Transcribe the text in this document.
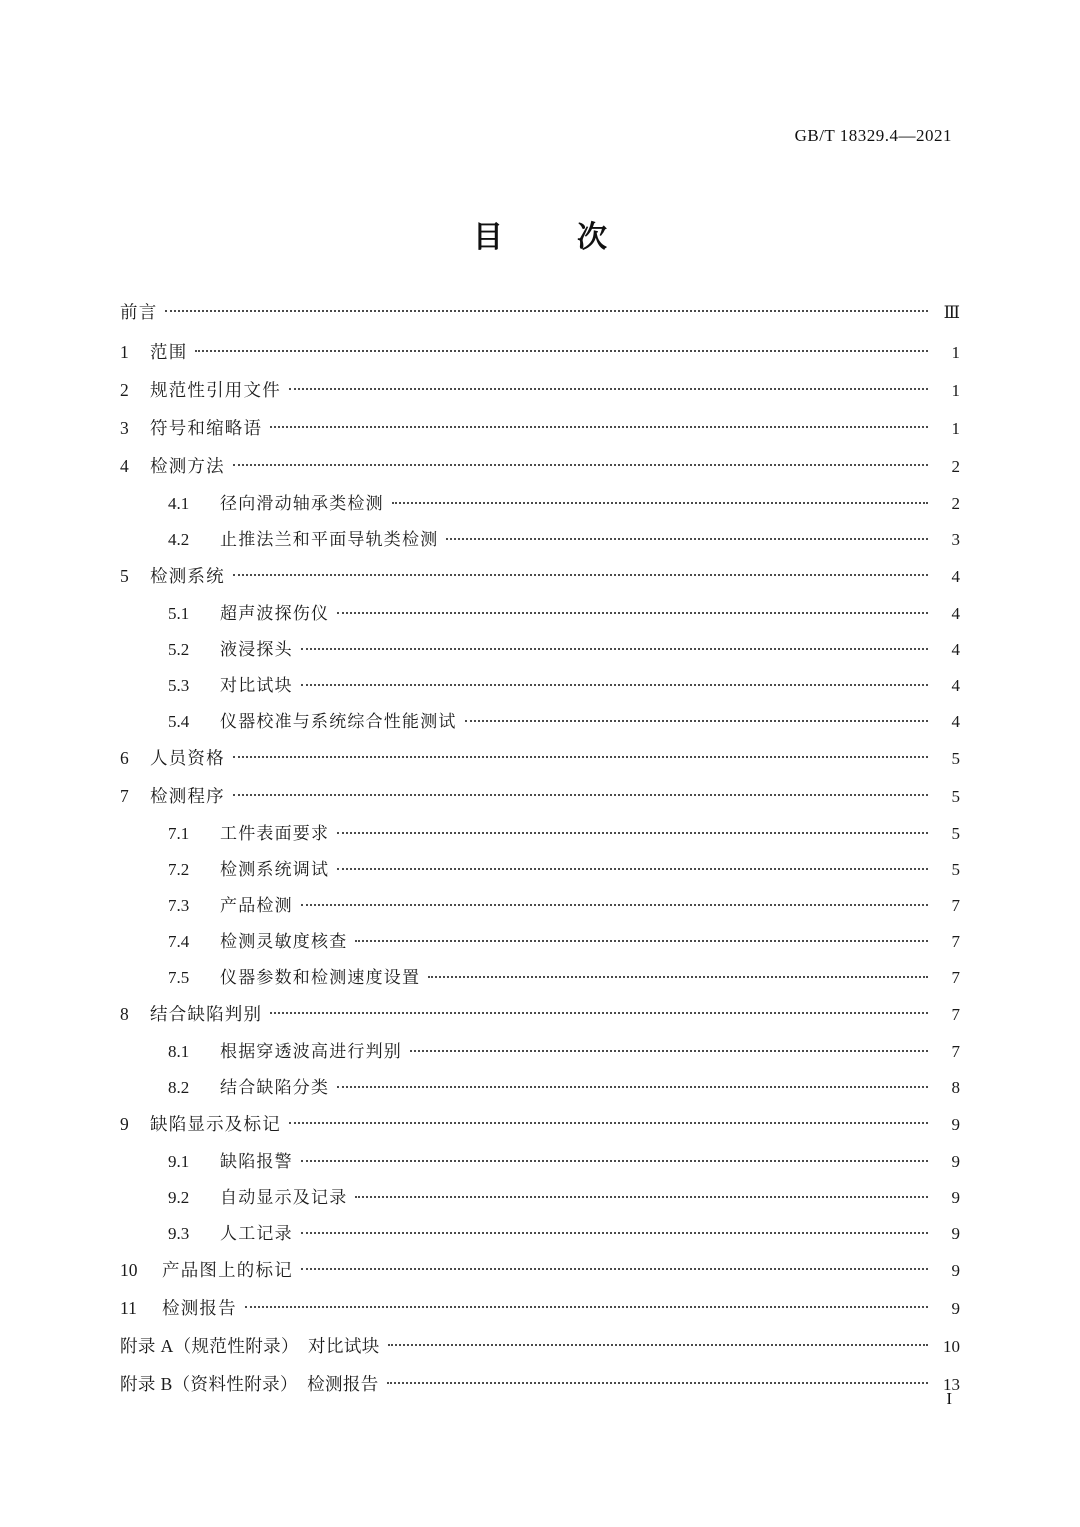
GB/T 18329.4—2021
目　次
前言	Ⅲ
1	范围	1
2	规范性引用文件	1
3	符号和缩略语	1
4	检测方法	2
4.1	径向滑动轴承类检测	2
4.2	止推法兰和平面导轨类检测	3
5	检测系统	4
5.1	超声波探伤仪	4
5.2	液浸探头	4
5.3	对比试块	4
5.4	仪器校准与系统综合性能测试	4
6	人员资格	5
7	检测程序	5
7.1	工件表面要求	5
7.2	检测系统调试	5
7.3	产品检测	7
7.4	检测灵敏度核查	7
7.5	仪器参数和检测速度设置	7
8	结合缺陷判别	7
8.1	根据穿透波高进行判别	7
8.2	结合缺陷分类	8
9	缺陷显示及标记	9
9.1	缺陷报警	9
9.2	自动显示及记录	9
9.3	人工记录	9
10	产品图上的标记	9
11	检测报告	9
附录 A（规范性附录）　对比试块	10
附录 B（资料性附录）　检测报告	13
I
